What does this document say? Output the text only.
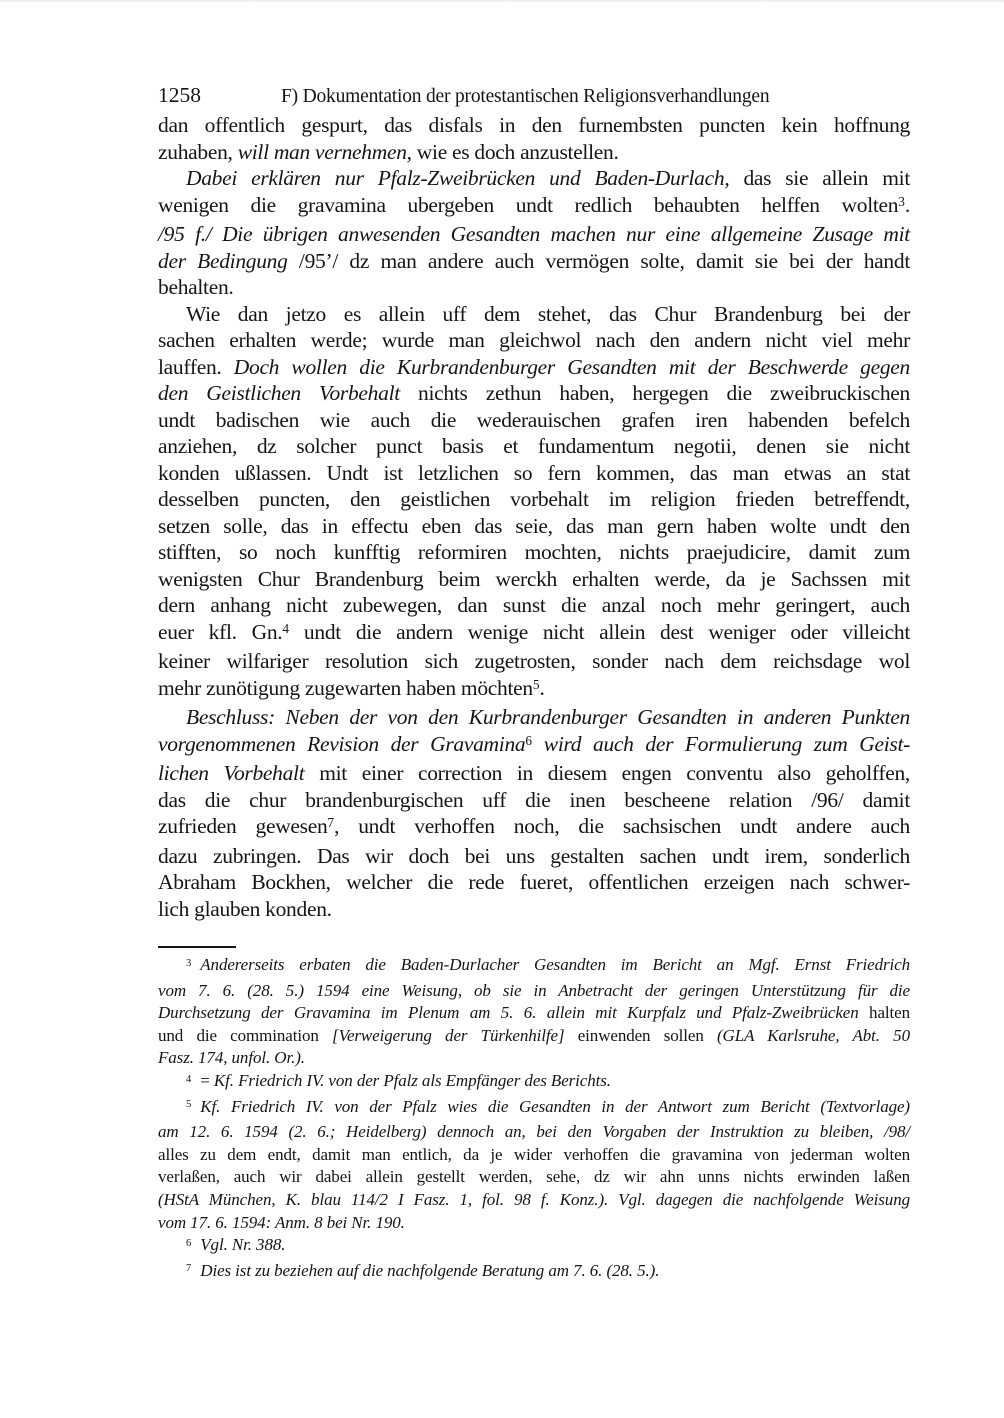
1258	F) Dokumentation der protestantischen Religionsverhandlungen
dan offentlich gespurt, das disfals in den furnembsten puncten kein hoffnung
zuhaben, will man vernehmen, wie es doch anzustellen.
Dabei erklären nur Pfalz-Zweibrücken und Baden-Durlach, das sie allein mit
wenigen die gravamina ubergeben undt redlich behaubten helffen wolten3.
/95 f./ Die übrigen anwesenden Gesandten machen nur eine allgemeine Zusage mit
der Bedingung /95’/ dz man andere auch vermögen solte, damit sie bei der handt
behalten.
Wie dan jetzo es allein uff dem stehet, das Chur Brandenburg bei der
sachen erhalten werde; wurde man gleichwol nach den andern nicht viel mehr
lauffen. Doch wollen die Kurbrandenburger Gesandten mit der Beschwerde gegen
den Geistlichen Vorbehalt nichts zethun haben, hergegen die zweibruckischen
undt badischen wie auch die wederauischen grafen iren habenden befelch
anziehen, dz solcher punct basis et fundamentum negotii, denen sie nicht
konden ußlassen. Undt ist letzlichen so fern kommen, das man etwas an stat
desselben puncten, den geistlichen vorbehalt im religion frieden betreffendt,
setzen solle, das in effectu eben das seie, das man gern haben wolte undt den
stifften, so noch kunfftig reformiren mochten, nichts praejudicire, damit zum
wenigsten Chur Brandenburg beim werckh erhalten werde, da je Sachssen mit
dern anhang nicht zubewegen, dan sunst die anzal noch mehr geringert, auch
euer kfl. Gn.4 undt die andern wenige nicht allein dest weniger oder villeicht
keiner wilfariger resolution sich zugetrosten, sonder nach dem reichsdage wol
mehr zunötigung zugewarten haben möchten5.
Beschluss: Neben der von den Kurbrandenburger Gesandten in anderen Punkten
vorgenommenen Revision der Gravamina6 wird auch der Formulierung zum Geist-
lichen Vorbehalt mit einer correction in diesem engen conventu also geholffen,
das die chur brandenburgischen uff die inen bescheene relation /96/ damit
zufrieden gewesen7, undt verhoffen noch, die sachsischen undt andere auch
dazu zubringen. Das wir doch bei uns gestalten sachen undt irem, sonderlich
Abraham Bockhen, welcher die rede fueret, offentlichen erzeigen nach schwer-
lich glauben konden.
3 Andererseits erbaten die Baden-Durlacher Gesandten im Bericht an Mgf. Ernst Friedrich
vom 7. 6. (28. 5.) 1594 eine Weisung, ob sie in Anbetracht der geringen Unterstützung für die
Durchsetzung der Gravamina im Plenum am 5. 6. allein mit Kurpfalz und Pfalz-Zweibrücken halten
und die commination [Verweigerung der Türkenhilfe] einwenden sollen (GLA Karlsruhe, Abt. 50
Fasz. 174, unfol. Or.).
4 = Kf. Friedrich IV. von der Pfalz als Empfänger des Berichts.
5 Kf. Friedrich IV. von der Pfalz wies die Gesandten in der Antwort zum Bericht (Textvorlage)
am 12. 6. 1594 (2. 6.; Heidelberg) dennoch an, bei den Vorgaben der Instruktion zu bleiben, /98/
alles zu dem endt, damit man entlich, da je wider verhoffen die gravamina von jederman wolten
verlaßen, auch wir dabei allein gestellt werden, sehe, dz wir ahn unns nichts erwinden laßen
(HStA München, K. blau 114/2 I Fasz. 1, fol. 98 f. Konz.). Vgl. dagegen die nachfolgende Weisung
vom 17. 6. 1594: Anm. 8 bei Nr. 190.
6 Vgl. Nr. 388.
7 Dies ist zu beziehen auf die nachfolgende Beratung am 7. 6. (28. 5.).
